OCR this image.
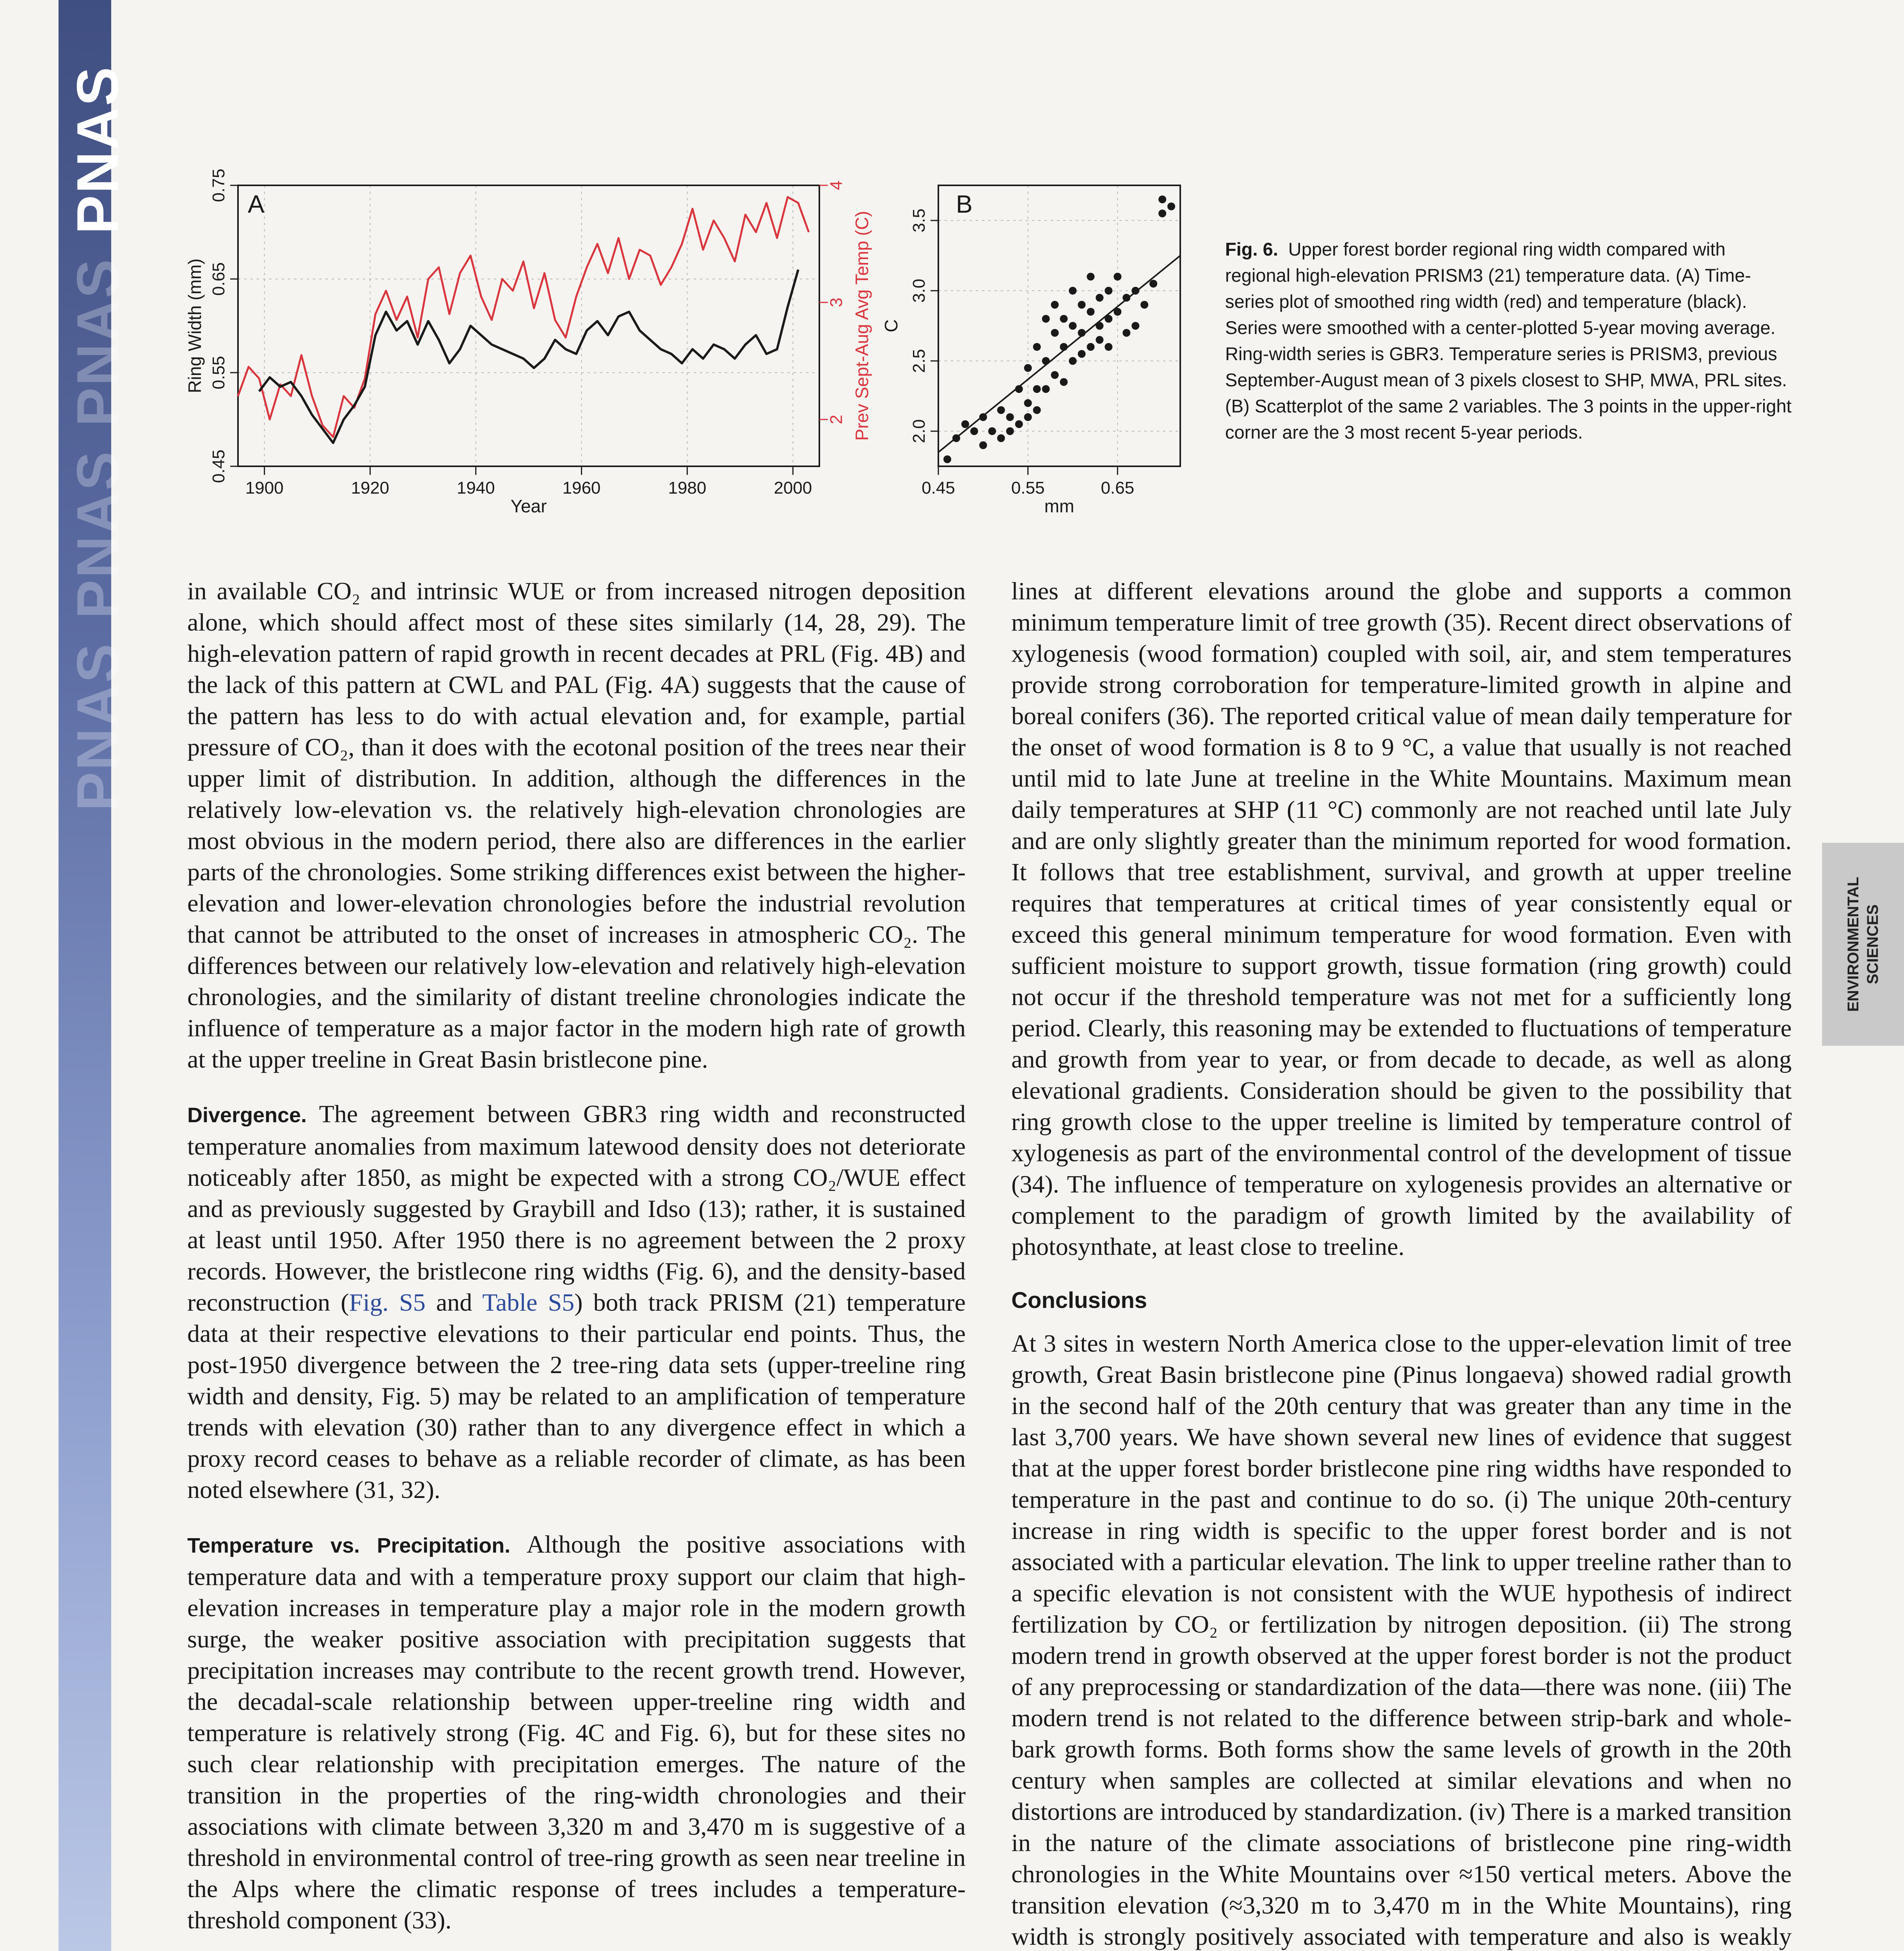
PNAS
PNAS
PNAS
PNAS
ENVIRONMENTAL SCIENCES
1900	1920	1940	1960	1980	2000
Year
0.45
0.55
0.65
0.75
Ring Width (mm)
2
3
4
Prev Sept-Aug Avg Temp (C)
A
0.45	0.55	0.65
mm
2.0
2.5
3.0
3.5
C
B
Fig. 6. Upper forest border regional ring width compared with regional high-elevation PRISM3 (21) temperature data. (A) Time-series plot of smoothed ring width (red) and temperature (black). Series were smoothed with a center-plotted 5-year moving average. Ring-width series is GBR3. Temperature series is PRISM3, previous September-August mean of 3 pixels closest to SHP, MWA, PRL sites. (B) Scatterplot of the same 2 variables. The 3 points in the upper-right corner are the 3 most recent 5-year periods.

in available CO₂ and intrinsic WUE or from increased nitrogen deposition alone, which should affect most of these sites similarly (14, 28, 29). The high-elevation pattern of rapid growth in recent decades at PRL (Fig. 4B) and the lack of this pattern at CWL and PAL (Fig. 4A) suggests that the cause of the pattern has less to do with actual elevation and, for example, partial pressure of CO₂, than it does with the ecotonal position of the trees near their upper limit of distribution. In addition, although the differences in the relatively low-elevation vs. the relatively high-elevation chronologies are most obvious in the modern period, there also are differences in the earlier parts of the chronologies. Some striking differences exist between the higher-elevation and lower-elevation chronologies before the industrial revolution that cannot be attributed to the onset of increases in atmospheric CO₂. The differences between our relatively low-elevation and relatively high-elevation chronologies, and the similarity of distant treeline chronologies indicate the influence of temperature as a major factor in the modern high rate of growth at the upper treeline in Great Basin bristlecone pine.

Divergence. The agreement between GBR3 ring width and reconstructed temperature anomalies from maximum latewood density does not deteriorate noticeably after 1850, as might be expected with a strong CO₂/WUE effect and as previously suggested by Graybill and Idso (13); rather, it is sustained at least until 1950. After 1950 there is no agreement between the 2 proxy records. However, the bristlecone ring widths (Fig. 6), and the density-based reconstruction (Fig. S5 and Table S5) both track PRISM (21) temperature data at their respective elevations to their particular end points. Thus, the post-1950 divergence between the 2 tree-ring data sets (upper-treeline ring width and density, Fig. 5) may be related to an amplification of temperature trends with elevation (30) rather than to any divergence effect in which a proxy record ceases to behave as a reliable recorder of climate, as has been noted elsewhere (31, 32).

Temperature vs. Precipitation. Although the positive associations with temperature data and with a temperature proxy support our claim that high-elevation increases in temperature play a major role in the modern growth surge, the weaker positive association with precipitation suggests that precipitation increases may contribute to the recent growth trend. However, the decadal-scale relationship between upper-treeline ring width and temperature is relatively strong (Fig. 4C and Fig. 6), but for these sites no such clear relationship with precipitation emerges. The nature of the transition in the properties of the ring-width chronologies and their associations with climate between 3,320 m and 3,470 m is suggestive of a threshold in environmental control of tree-ring growth as seen near treeline in the Alps where the climatic response of trees includes a temperature-threshold component (33).

lines at different elevations around the globe and supports a common minimum temperature limit of tree growth (35). Recent direct observations of xylogenesis (wood formation) coupled with soil, air, and stem temperatures provide strong corroboration for temperature-limited growth in alpine and boreal conifers (36). The reported critical value of mean daily temperature for the onset of wood formation is 8 to 9 °C, a value that usually is not reached until mid to late June at treeline in the White Mountains. Maximum mean daily temperatures at SHP (11 °C) commonly are not reached until late July and are only slightly greater than the minimum reported for wood formation. It follows that tree establishment, survival, and growth at upper treeline requires that temperatures at critical times of year consistently equal or exceed this general minimum temperature for wood formation. Even with sufficient moisture to support growth, tissue formation (ring growth) could not occur if the threshold temperature was not met for a sufficiently long period. Clearly, this reasoning may be extended to fluctuations of temperature and growth from year to year, or from decade to decade, as well as along elevational gradients. Consideration should be given to the possibility that ring growth close to the upper treeline is limited by temperature control of xylogenesis as part of the environmental control of the development of tissue (34). The influence of temperature on xylogenesis provides an alternative or complement to the paradigm of growth limited by the availability of photosynthate, at least close to treeline.

Conclusions

At 3 sites in western North America close to the upper-elevation limit of tree growth, Great Basin bristlecone pine (Pinus longaeva) showed radial growth in the second half of the 20th century that was greater than any time in the last 3,700 years. We have shown several new lines of evidence that suggest that at the upper forest border bristlecone pine ring widths have responded to temperature in the past and continue to do so. (i) The unique 20th-century increase in ring width is specific to the upper forest border and is not associated with a particular elevation. The link to upper treeline rather than to a specific elevation is not consistent with the WUE hypothesis of indirect fertilization by CO₂ or fertilization by nitrogen deposition. (ii) The strong modern trend in growth observed at the upper forest border is not the product of any preprocessing or standardization of the data—there was none. (iii) The modern trend is not related to the difference between strip-bark and whole-bark growth forms. Both forms show the same levels of growth in the 20th century when samples are collected at similar elevations and when no distortions are introduced by standardization. (iv) There is a marked transition in the nature of the climate associations of bristlecone pine ring-width chronologies in the White Mountains over ≈150 vertical meters. Above the transition elevation (≈3,320 m to 3,470 m in the White Mountains), ring width is strongly positively associated with temperature and also is weakly
